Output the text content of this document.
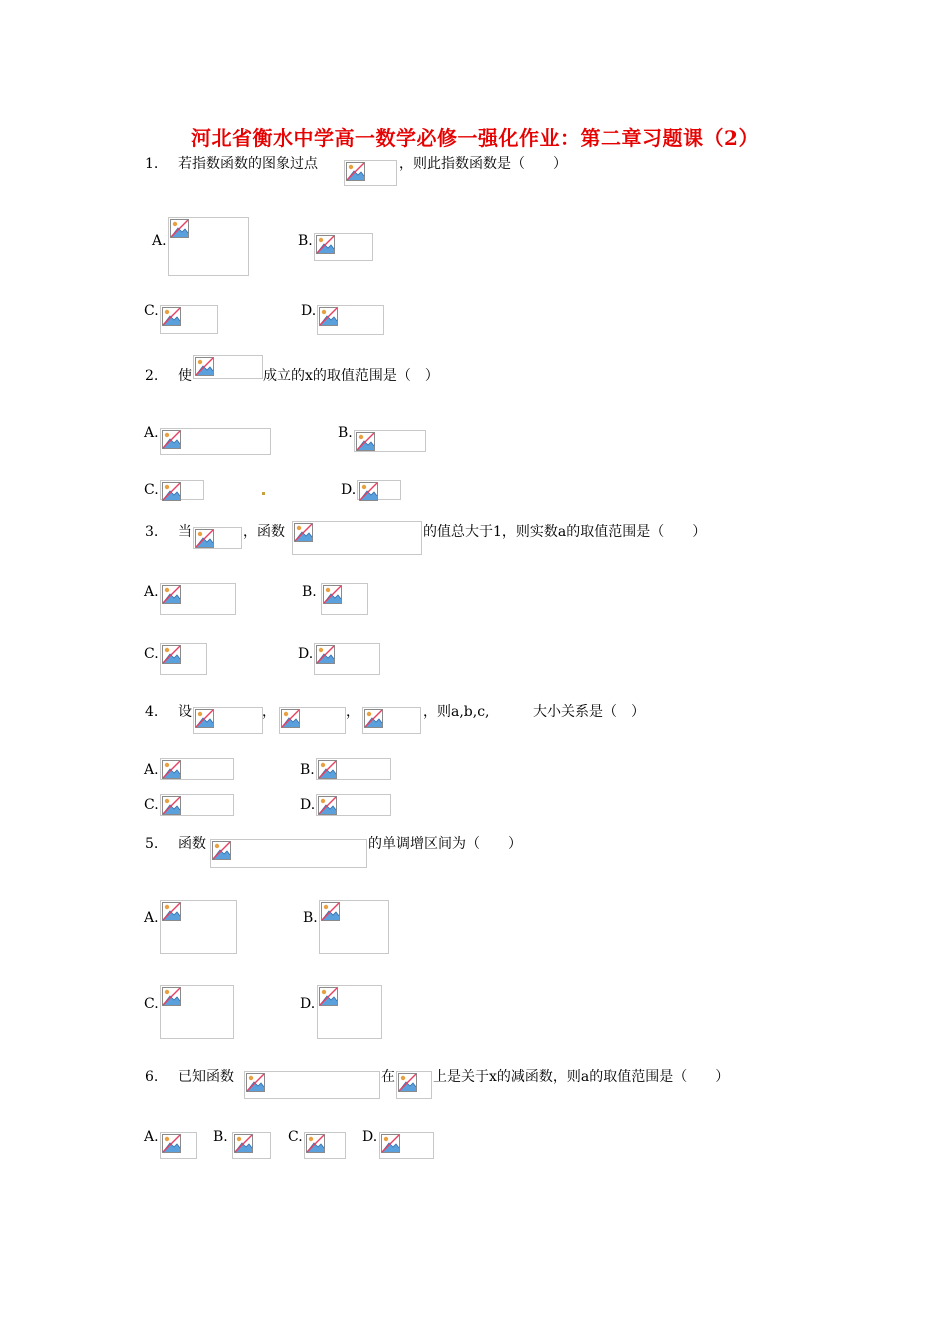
河北省衡水中学高一数学必修一强化作业：第二章习题课（2）
1. 若指数函数的图象过点	，则此指数函数是（　　）
A.	B.
C.	D.
2. 使	成立的x的取值范围是（　）
A.	B.
C.	D.
3. 当	，函数	的值总大于1，则实数a的取值范围是（　　）
A.	B.
C.	D.
4. 设	，	，	，则a,b,c,	大小关系是（　）
A.	B.
C.	D.
5. 函数	的单调增区间为（　　）
A.	B.
C.	D.
6. 已知函数	在	上是关于x的减函数，则a的取值范围是（　　）
A.	B.	C.	D.
